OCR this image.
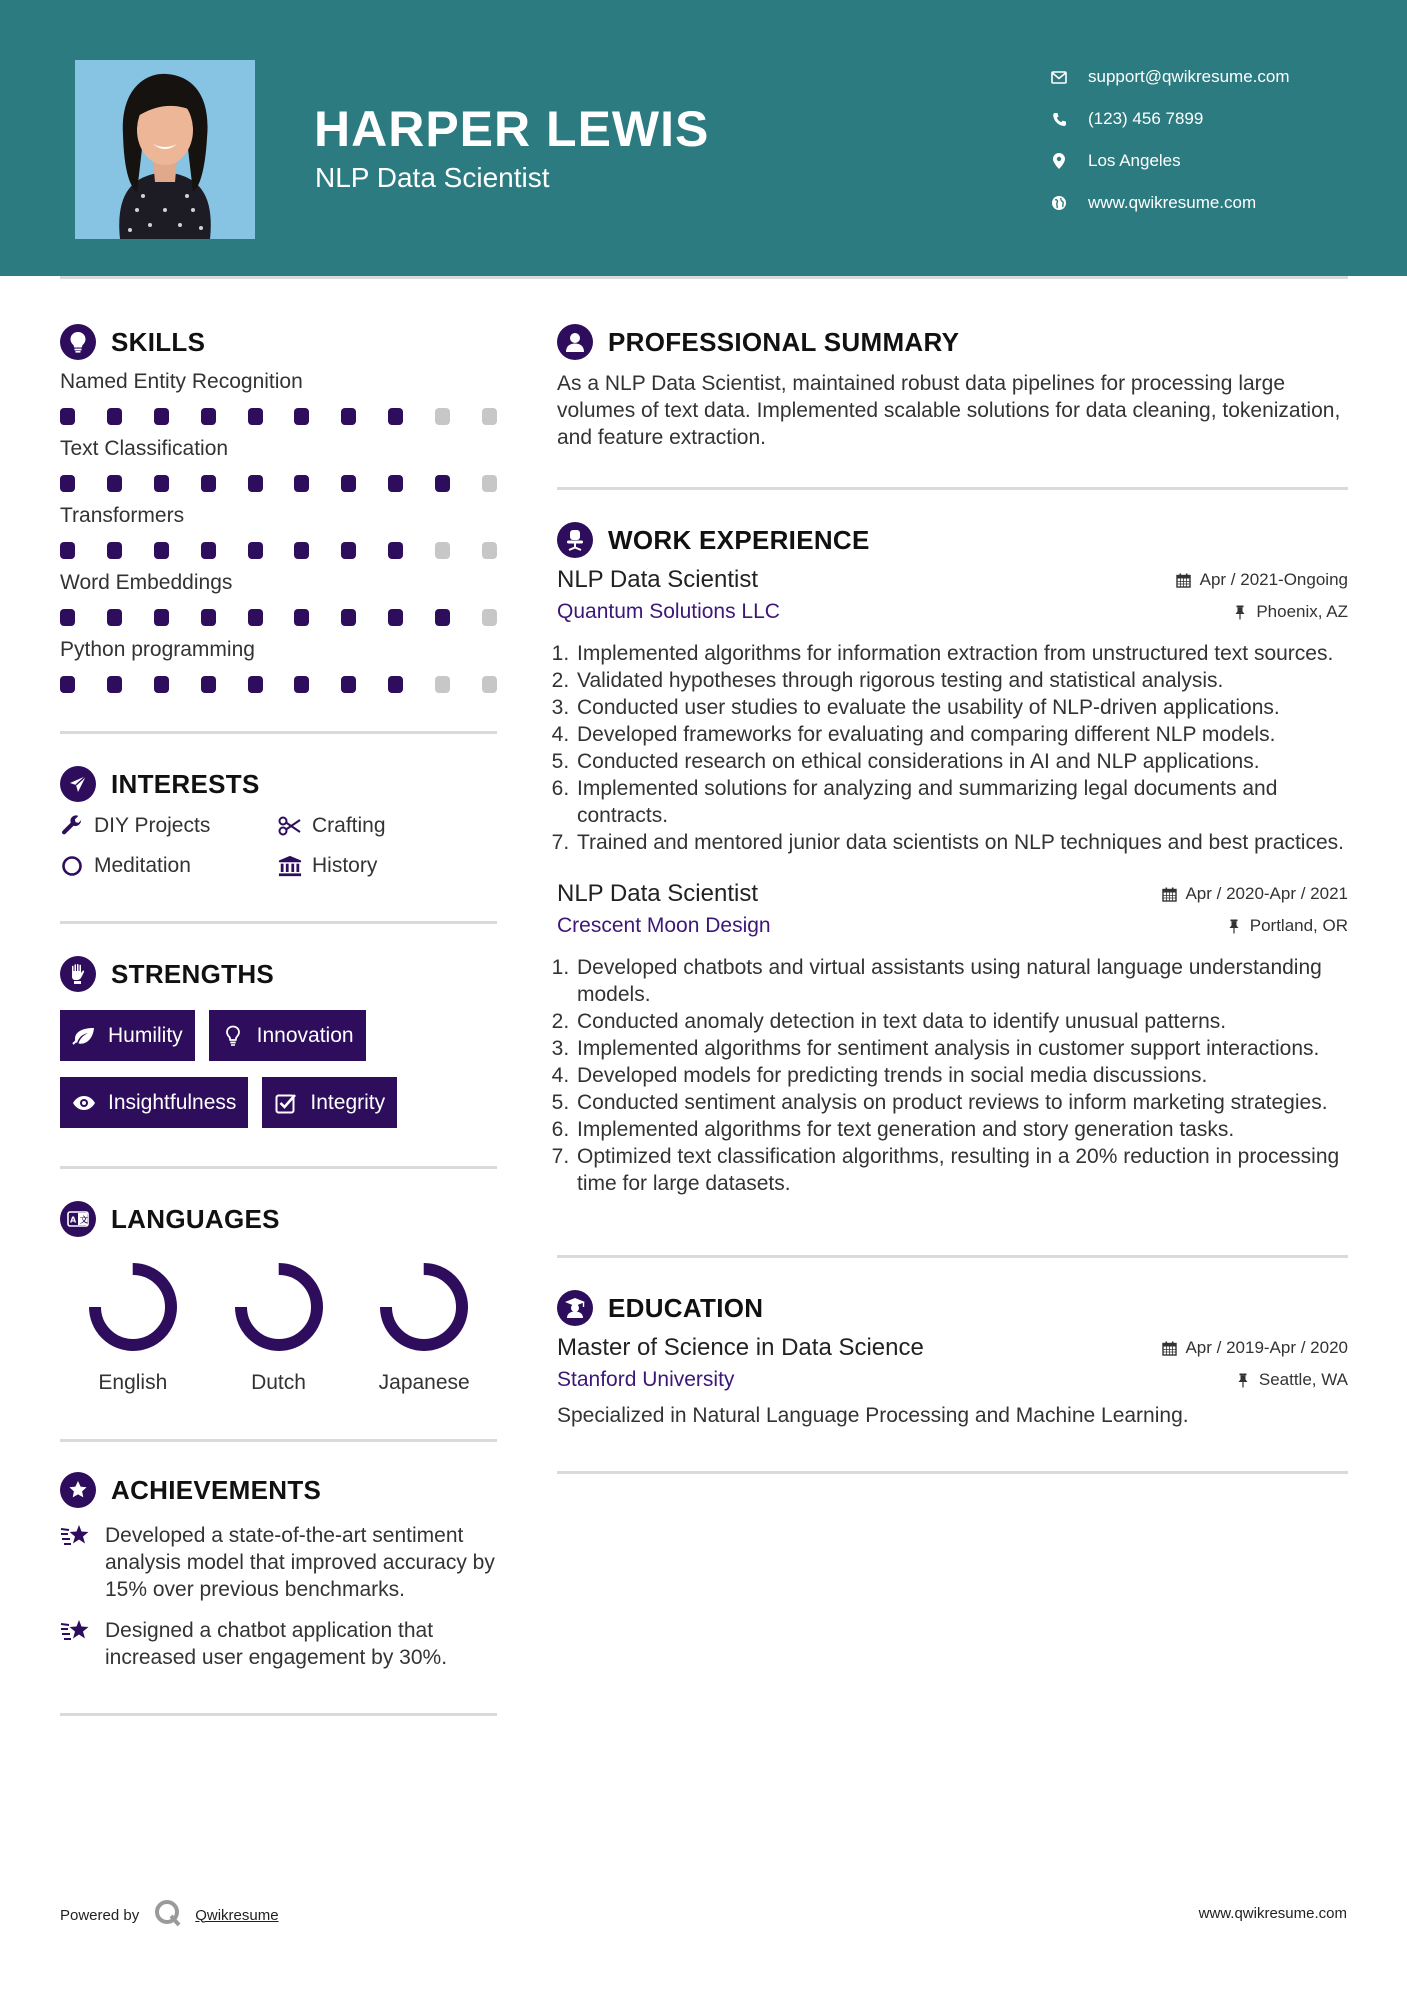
HARPER LEWIS
NLP Data Scientist
support@qwikresume.com
(123) 456 7899
Los Angeles
www.qwikresume.com
SKILLS
Named Entity Recognition
Text Classification
Transformers
Word Embeddings
Python programming
INTERESTS
DIY Projects	Crafting
Meditation	History
STRENGTHS
Humility	Innovation
Insightfulness	Integrity
A 文 LANGUAGES
English	Dutch	Japanese
ACHIEVEMENTS
Developed a state-of-the-art sentiment analysis model that improved accuracy by 15% over previous benchmarks.
Designed a chatbot application that increased user engagement by 30%.
PROFESSIONAL SUMMARY
As a NLP Data Scientist, maintained robust data pipelines for processing large volumes of text data. Implemented scalable solutions for data cleaning, tokenization, and feature extraction.
WORK EXPERIENCE
NLP Data Scientist	Apr / 2021-Ongoing
Quantum Solutions LLC	Phoenix, AZ
1. Implemented algorithms for information extraction from unstructured text sources.
2. Validated hypotheses through rigorous testing and statistical analysis.
3. Conducted user studies to evaluate the usability of NLP-driven applications.
4. Developed frameworks for evaluating and comparing different NLP models.
5. Conducted research on ethical considerations in AI and NLP applications.
6. Implemented solutions for analyzing and summarizing legal documents and contracts.
7. Trained and mentored junior data scientists on NLP techniques and best practices.
NLP Data Scientist	Apr / 2020-Apr / 2021
Crescent Moon Design	Portland, OR
1. Developed chatbots and virtual assistants using natural language understanding models.
2. Conducted anomaly detection in text data to identify unusual patterns.
3. Implemented algorithms for sentiment analysis in customer support interactions.
4. Developed models for predicting trends in social media discussions.
5. Conducted sentiment analysis on product reviews to inform marketing strategies.
6. Implemented algorithms for text generation and story generation tasks.
7. Optimized text classification algorithms, resulting in a 20% reduction in processing time for large datasets.
EDUCATION
Master of Science in Data Science	Apr / 2019-Apr / 2020
Stanford University	Seattle, WA
Specialized in Natural Language Processing and Machine Learning.
Powered by	Qwikresume	www.qwikresume.com
